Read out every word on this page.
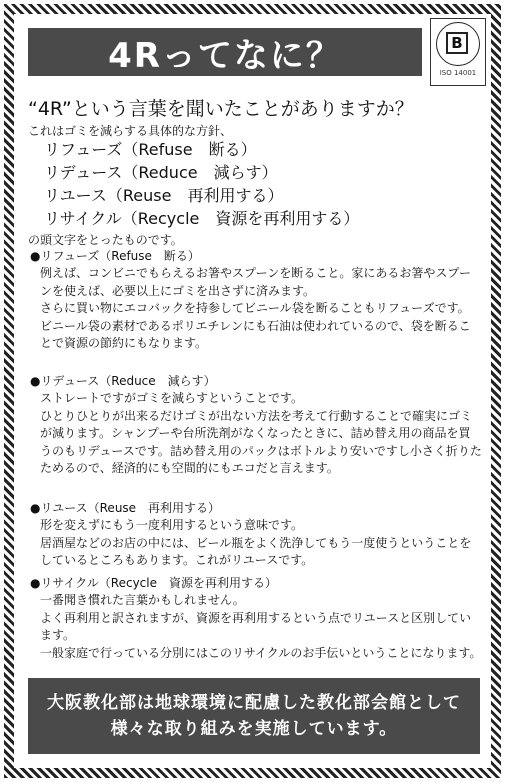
4Rってなに？	B
ISO 14001
“4R”という言葉を聞いたことがありますか？
これはゴミを減らする具体的な方針、
リフューズ（Refuse　断る）
リデュース（Reduce　減らす）
リユース（Reuse　再利用する）
リサイクル（Recycle　資源を再利用する）
の頭文字をとったものです。
●リフューズ（Refuse　断る）
例えば、コンビニでもらえるお箸やスプーンを断ること。家にあるお箸やスプーンを使えば、必要以上にゴミを出さずに済みます。
さらに買い物にエコバックを持参してビニール袋を断ることもリフューズです。
ビニール袋の素材であるポリエチレンにも石油は使われているので、袋を断ることで資源の節約にもなります。
●リデュース（Reduce　減らす）
ストレートですがゴミを減らすということです。
ひとりひとりが出来るだけゴミが出ない方法を考えて行動することで確実にゴミが減ります。シャンプーや台所洗剤がなくなったときに、詰め替え用の商品を買うのもリデュースです。詰め替え用のパックはボトルより安いですし小さく折りたためるので、経済的にも空間的にもエコだと言えます。
●リユース（Reuse　再利用する）
形を変えずにもう一度利用するという意味です。
居酒屋などのお店の中には、ビール瓶をよく洗浄してもう一度使うということをしているところもあります。これがリユースです。
●リサイクル（Recycle　資源を再利用する）
一番聞き慣れた言葉かもしれません。
よく再利用と訳されますが、資源を再利用するという点でリユースと区別しています。
一般家庭で行っている分別にはこのリサイクルのお手伝いということになります。
大阪教化部は地球環境に配慮した教化部会館として
様々な取り組みを実施しています。
